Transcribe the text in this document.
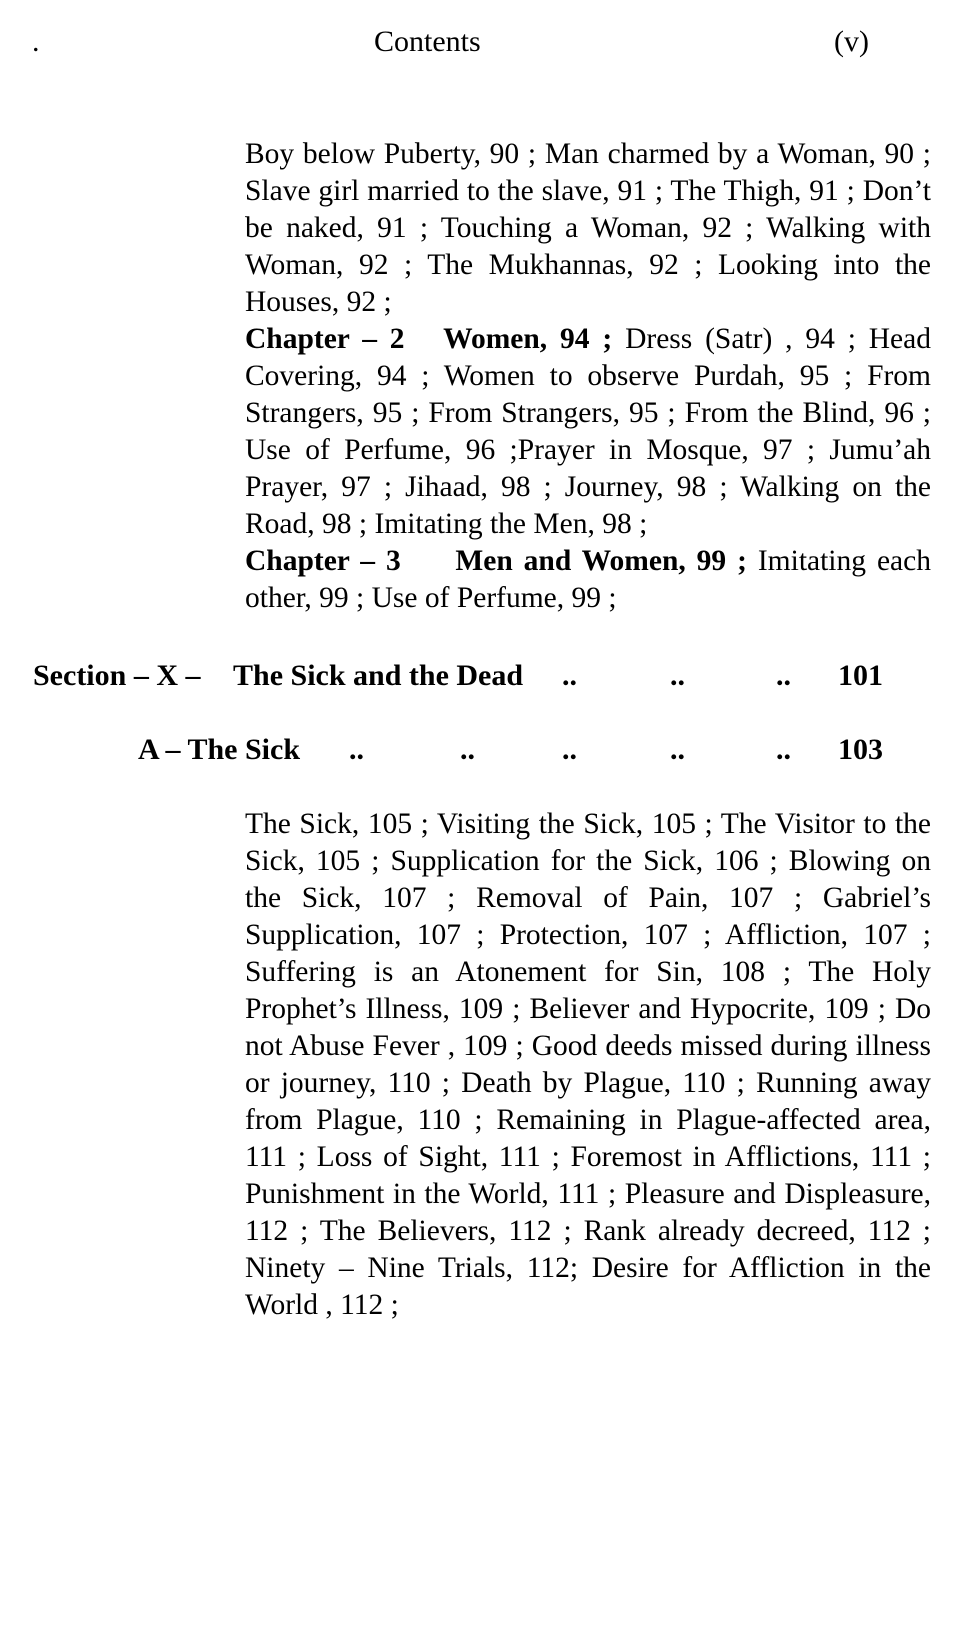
.	Contents	(v)
Boy below Puberty, 90 ; Man charmed by a Woman, 90 ; Slave girl married to the slave, 91 ; The Thigh, 91 ; Don’t be naked, 91 ; Touching a Woman, 92 ; Walking with Woman, 92 ; The Mukhannas, 92 ; Looking into the Houses, 92 ;
Chapter – 2 Women, 94 ; Dress (Satr) , 94 ; Head Covering, 94 ; Women to observe Purdah, 95 ; From Strangers, 95 ; From Strangers, 95 ; From the Blind, 96 ; Use of Perfume, 96 ;Prayer in Mosque, 97 ; Jumu’ah Prayer, 97 ; Jihaad, 98 ; Journey, 98 ; Walking on the Road, 98 ; Imitating the Men, 98 ;
Chapter – 3 Men and Women, 99 ; Imitating each other, 99 ; Use of Perfume, 99 ;
Section – X – The Sick and the Dead ..	..	.. 101
A – The Sick ..	..	..	..	.. 103
The Sick, 105 ; Visiting the Sick, 105 ; The Visitor to the Sick, 105 ; Supplication for the Sick, 106 ; Blowing on the Sick, 107 ; Removal of Pain, 107 ; Gabriel’s Supplication, 107 ; Protection, 107 ; Affliction, 107 ; Suffering is an Atonement for Sin, 108 ; The Holy Prophet’s Illness, 109 ; Believer and Hypocrite, 109 ; Do not Abuse Fever , 109 ; Good deeds missed during illness or journey, 110 ; Death by Plague, 110 ; Running away from Plague, 110 ; Remaining in Plague-affected area, 111 ; Loss of Sight, 111 ; Foremost in Afflictions, 111 ; Punishment in the World, 111 ; Pleasure and Displeasure, 112 ; The Believers, 112 ; Rank already decreed, 112 ; Ninety – Nine Trials, 112; Desire for Affliction in the World , 112 ;
